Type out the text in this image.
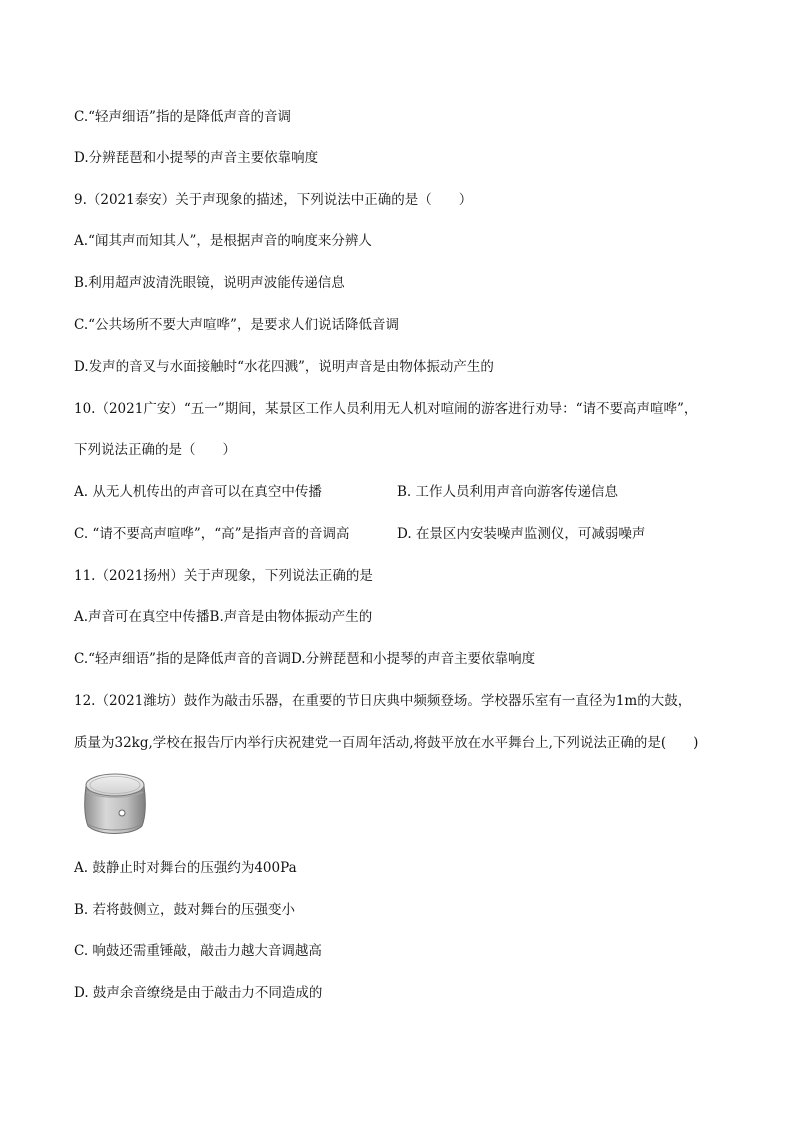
C.“轻声细语”指的是降低声音的音调
D.分辨琵琶和小提琴的声音主要依靠响度
9.（2021泰安）关于声现象的描述，下列说法中正确的是（　　）
A.“闻其声而知其人”，是根据声音的响度来分辨人
B.利用超声波清洗眼镜，说明声波能传递信息
C.“公共场所不要大声喧哗”，是要求人们说话降低音调
D.发声的音叉与水面接触时“水花四溅”，说明声音是由物体振动产生的
10.（2021广安）“五一”期间，某景区工作人员利用无人机对喧闹的游客进行劝导：“请不要高声喧哗”，
下列说法正确的是（　　）
A. 从无人机传出的声音可以在真空中传播	B. 工作人员利用声音向游客传递信息
C. “请不要高声喧哗”，“高”是指声音的音调高	D. 在景区内安装噪声监测仪，可减弱噪声
11.（2021扬州）关于声现象，下列说法正确的是
A.声音可在真空中传播B.声音是由物体振动产生的
C.“轻声细语”指的是降低声音的音调D.分辨琵琶和小提琴的声音主要依靠响度
12.（2021潍坊）鼓作为敲击乐器，在重要的节日庆典中频频登场。学校器乐室有一直径为1m的大鼓，
质量为32kg,学校在报告厅内举行庆祝建党一百周年活动,将鼓平放在水平舞台上,下列说法正确的是(　　)
A. 鼓静止时对舞台的压强约为400Pa
B. 若将鼓侧立，鼓对舞台的压强变小
C. 响鼓还需重锤敲，敲击力越大音调越高
D. 鼓声余音缭绕是由于敲击力不同造成的
